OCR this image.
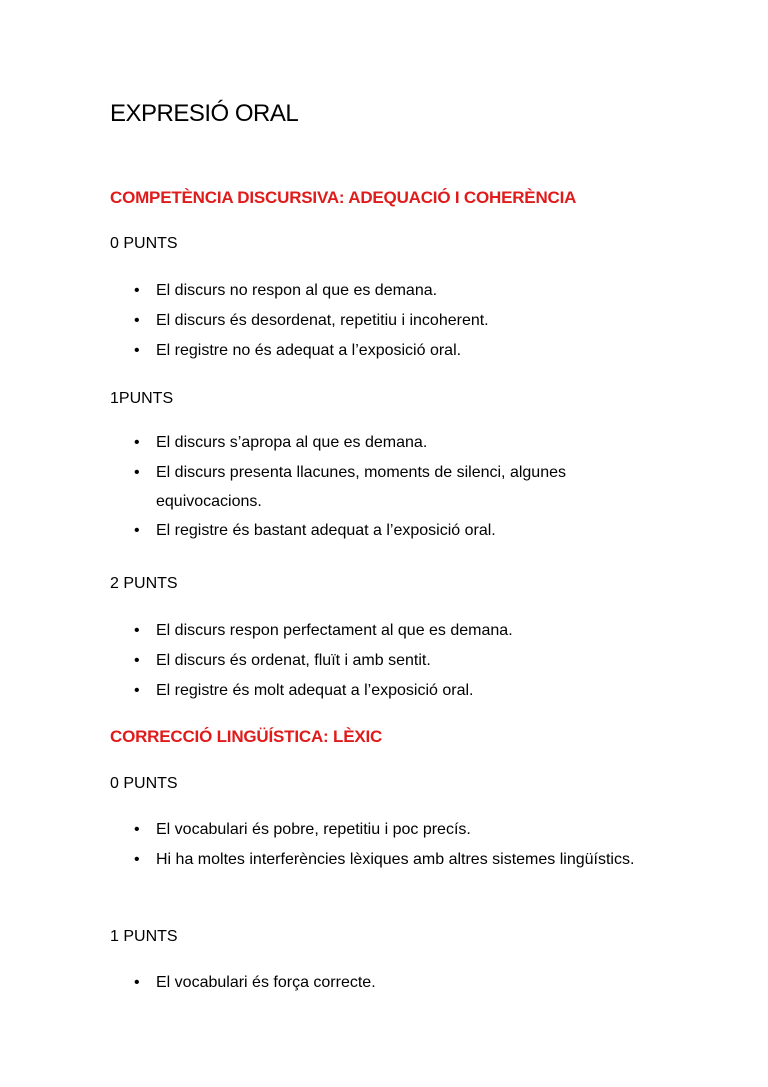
EXPRESIÓ ORAL
COMPETÈNCIA DISCURSIVA: ADEQUACIÓ I COHERÈNCIA

0 PUNTS

• El discurs no respon al que es demana.
• El discurs és desordenat, repetitiu i incoherent.
• El registre no és adequat a l’exposició oral.

1PUNTS

• El discurs s’apropa al que es demana.
• El discurs presenta llacunes, moments de silenci, algunes equivocacions.
• El registre és bastant adequat a l’exposició oral.

2 PUNTS

• El discurs respon perfectament al que es demana.
• El discurs és ordenat, fluït i amb sentit.
• El registre és molt adequat a l’exposició oral.
CORRECCIÓ LINGÜÍSTICA: LÈXIC

0 PUNTS

• El vocabulari és pobre, repetitiu i poc precís.
• Hi ha moltes interferències lèxiques amb altres sistemes lingüístics.

1 PUNTS

• El vocabulari és força correcte.
